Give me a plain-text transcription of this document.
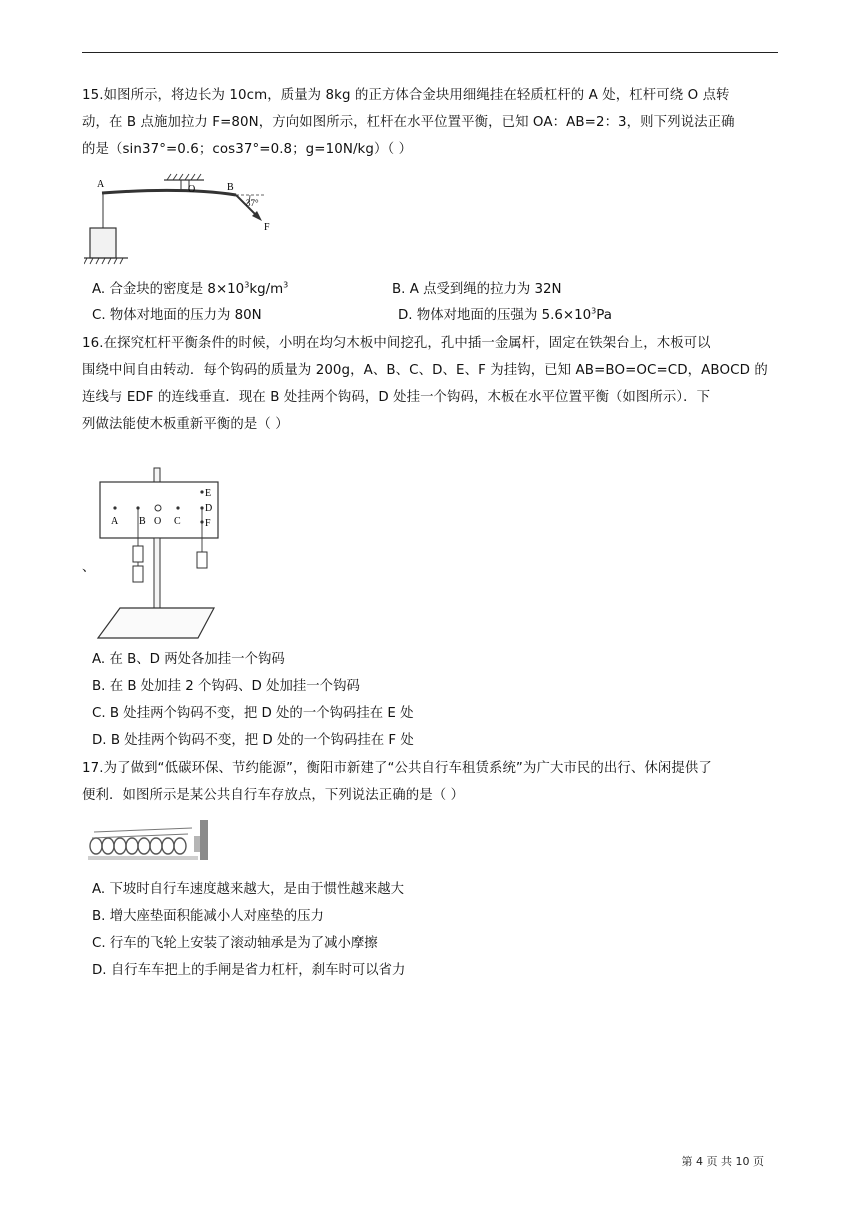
15.如图所示，将边长为 10cm，质量为 8kg 的正方体合金块用细绳挂在轻质杠杆的 A 处，杠杆可绕 O 点转
动，在 B 点施加拉力 F=80N，方向如图所示，杠杆在水平位置平衡，已知 OA：AB=2：3，则下列说法正确
的是（sin37°=0.6；cos37°=0.8；g=10N/kg）（ ）
A	O	B
37°
F
A. 合金块的密度是 $8\times 10^3kg/m^3$	B. A 点受到绳的拉力为 32N
C. 物体对地面的压力为 80N	D. 物体对地面的压强为 $5.6\times 10^3Pa$
16.在探究杠杆平衡条件的时候，小明在均匀木板中间挖孔，孔中插一金属杆，固定在铁架台上，木板可以
围绕中间自由转动．每个钩码的质量为 200g，A、B、C、D、E、F 为挂钩，已知 AB=BO=OC=CD，ABOCD 的
连线与 EDF 的连线垂直．现在 B 处挂两个钩码，D 处挂一个钩码，木板在水平位置平衡（如图所示）．下
列做法能使木板重新平衡的是（ ）
、
A B O C
E
D
F
A. 在 B、D 两处各加挂一个钩码
B. 在 B 处加挂 2 个钩码、D 处加挂一个钩码
C. B 处挂两个钩码不变，把 D 处的一个钩码挂在 E 处
D. B 处挂两个钩码不变，把 D 处的一个钩码挂在 F 处
17.为了做到“低碳环保、节约能源”，衡阳市新建了“公共自行车租赁系统”为广大市民的出行、休闲提供了
便利．如图所示是某公共自行车存放点，下列说法正确的是（ ）
A. 下坡时自行车速度越来越大，是由于惯性越来越大
B. 增大座垫面积能减小人对座垫的压力
C. 行车的飞轮上安装了滚动轴承是为了减小摩擦
D. 自行车车把上的手闸是省力杠杆，刹车时可以省力
第 4 页 共 10 页
